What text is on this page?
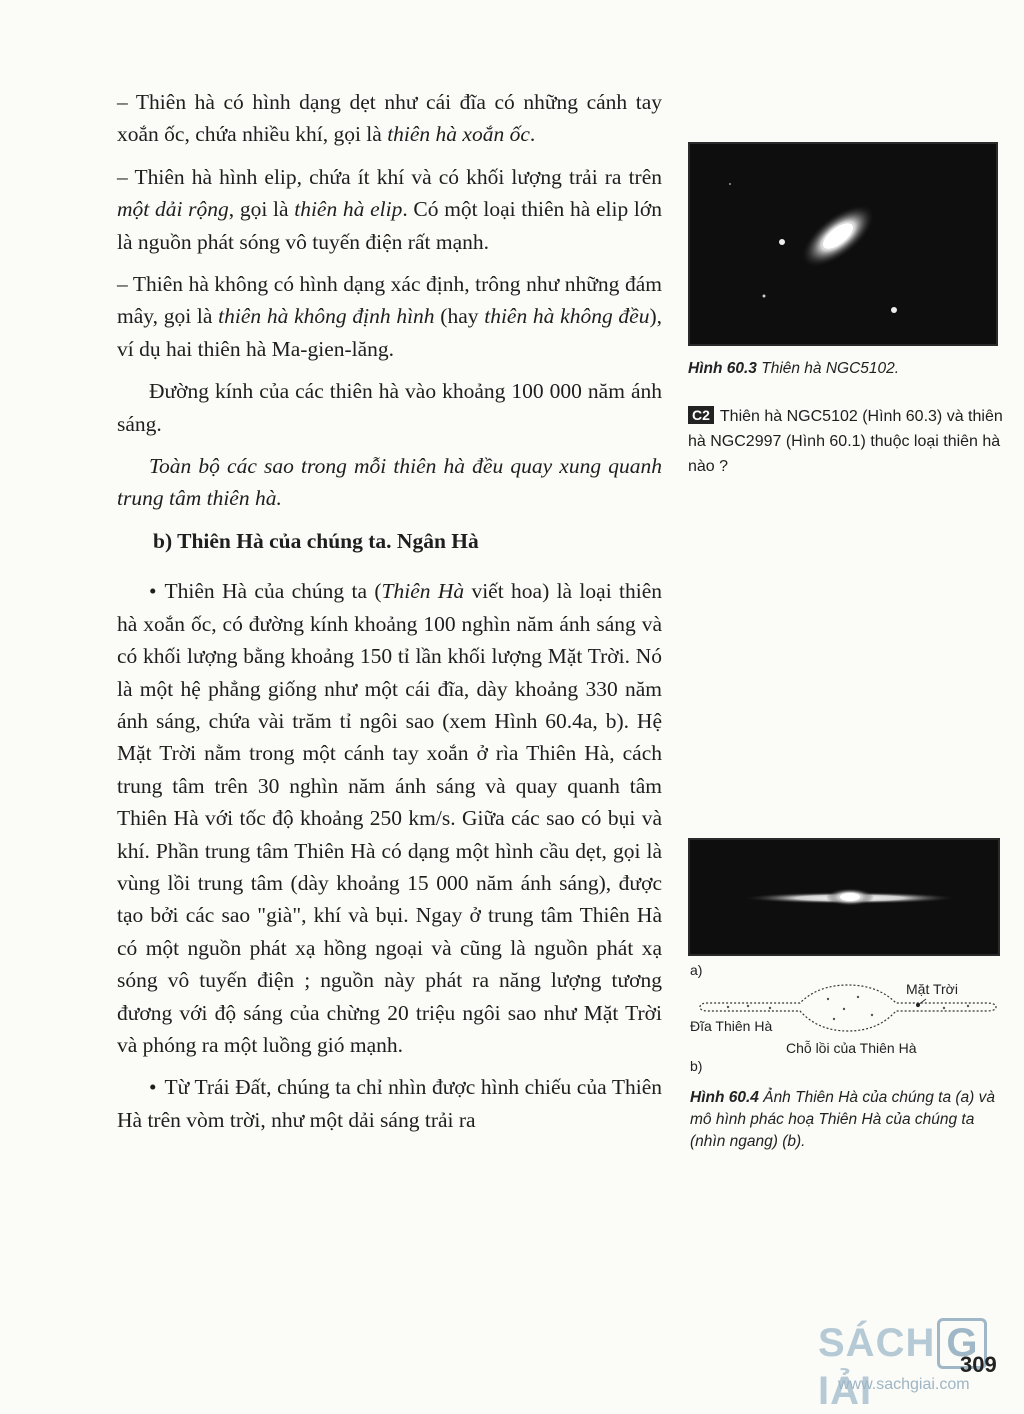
– Thiên hà có hình dạng dẹt như cái đĩa có những cánh tay xoắn ốc, chứa nhiều khí, gọi là thiên hà xoắn ốc.

– Thiên hà hình elip, chứa ít khí và có khối lượng trải ra trên một dải rộng, gọi là thiên hà elip. Có một loại thiên hà elip lớn là nguồn phát sóng vô tuyến điện rất mạnh.

– Thiên hà không có hình dạng xác định, trông như những đám mây, gọi là thiên hà không định hình (hay thiên hà không đều), ví dụ hai thiên hà Ma-gien-lăng.

Đường kính của các thiên hà vào khoảng 100 000 năm ánh sáng.

Toàn bộ các sao trong mỗi thiên hà đều quay xung quanh trung tâm thiên hà.

b) Thiên Hà của chúng ta. Ngân Hà

• Thiên Hà của chúng ta (Thiên Hà viết hoa) là loại thiên hà xoắn ốc, có đường kính khoảng 100 nghìn năm ánh sáng và có khối lượng bằng khoảng 150 tỉ lần khối lượng Mặt Trời. Nó là một hệ phẳng giống như một cái đĩa, dày khoảng 330 năm ánh sáng, chứa vài trăm tỉ ngôi sao (xem Hình 60.4a, b). Hệ Mặt Trời nằm trong một cánh tay xoắn ở rìa Thiên Hà, cách trung tâm trên 30 nghìn năm ánh sáng và quay quanh tâm Thiên Hà với tốc độ khoảng 250 km/s. Giữa các sao có bụi và khí. Phần trung tâm Thiên Hà có dạng một hình cầu dẹt, gọi là vùng lồi trung tâm (dày khoảng 15 000 năm ánh sáng), được tạo bởi các sao "già", khí và bụi. Ngay ở trung tâm Thiên Hà có một nguồn phát xạ hồng ngoại và cũng là nguồn phát xạ sóng vô tuyến điện ; nguồn này phát ra năng lượng tương đương với độ sáng của chừng 20 triệu ngôi sao như Mặt Trời và phóng ra một luồng gió mạnh.

• Từ Trái Đất, chúng ta chỉ nhìn được hình chiếu của Thiên Hà trên vòm trời, như một dải sáng trải ra

Hình 60.3 Thiên hà NGC5102.
C2 Thiên hà NGC5102 (Hình 60.3) và thiên hà NGC2997 (Hình 60.1) thuộc loại thiên hà nào ?
a)
Mặt Trời
Đĩa Thiên Hà
Chỗ lồi của Thiên Hà
b)
Hình 60.4 Ảnh Thiên Hà của chúng ta (a) và mô hình phác hoạ Thiên Hà của chúng ta (nhìn ngang) (b).
SÁCH GIẢI
309
www.sachgiai.com
